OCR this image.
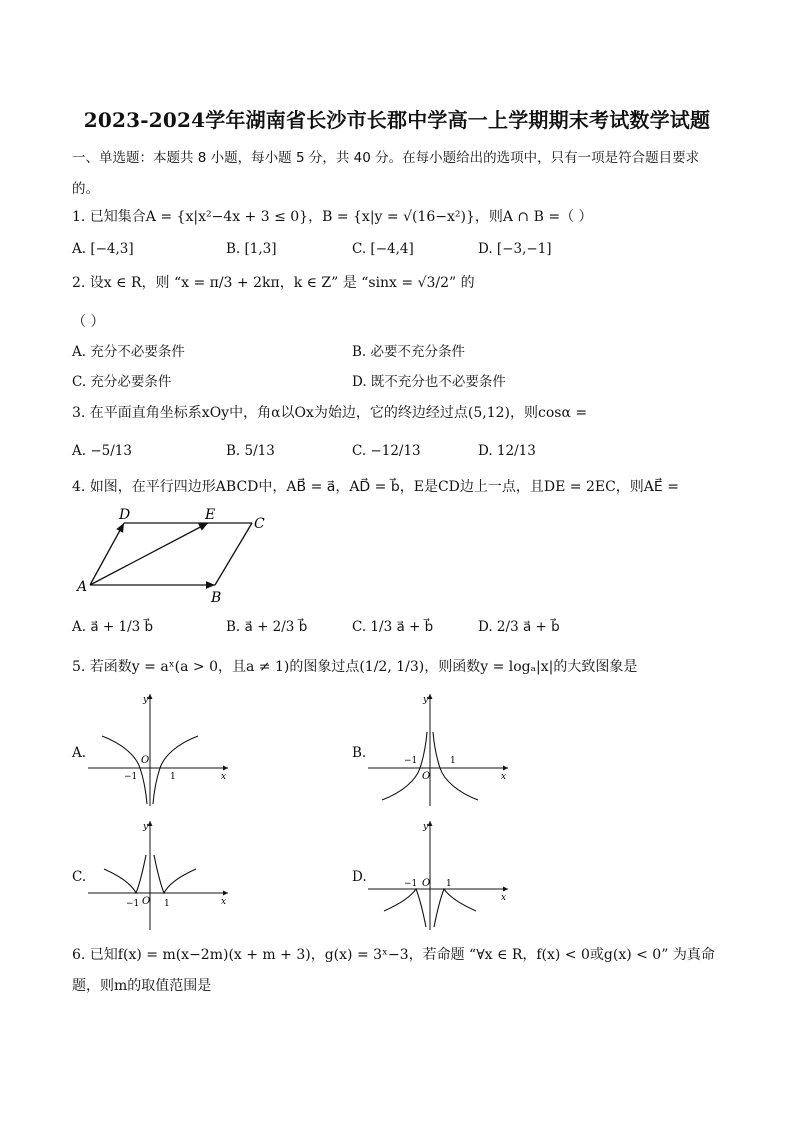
2023-2024学年湖南省长沙市长郡中学高一上学期期末考试数学试题
一、单选题：本题共 8 小题，每小题 5 分，共 40 分。在每小题给出的选项中，只有一项是符合题目要求
的。
1. 已知集合A = {x|x²−4x + 3 ≤ 0}，B = {x|y = √(16−x²)}，则A ∩ B =（ ）
A. [−4,3]	B. [1,3]	C. [−4,4]	D. [−3,−1]
2. 设x ∈ R，则 “x = π/3 + 2kπ，k ∈ Z” 是 “sinx = √3/2” 的
（ ）
A. 充分不必要条件	B. 必要不充分条件
C. 充分必要条件	D. 既不充分也不必要条件
3. 在平面直角坐标系xOy中，角α以Ox为始边，它的终边经过点(5,12)，则cosα =
A. −5/13	B. 5/13	C. −12/13	D. 12/13
4. 如图，在平行四边形ABCD中，AB⃗ = a⃗，AD⃗ = b⃗，E是CD边上一点，且DE = 2EC，则AE⃗ =
D	E
C
A
B
A. a⃗ + 1/3 b⃗	B. a⃗ + 2/3 b⃗	C. 1/3 a⃗ + b⃗	D. 2/3 a⃗ + b⃗
5. 若函数y = aˣ(a > 0，且a ≠ 1)的图象过点(1/2, 1/3)，则函数y = logₐ|x|的大致图象是
A.
x
y
O
−1	1
B.
x
y
O
−1	1
C.
x
y
O
−1	1
D.
x
y
O
−1	1
6. 已知f(x) = m(x−2m)(x + m + 3)，g(x) = 3ˣ−3，若命题 “∀x ∈ R，f(x) < 0或g(x) < 0” 为真命
题，则m的取值范围是
